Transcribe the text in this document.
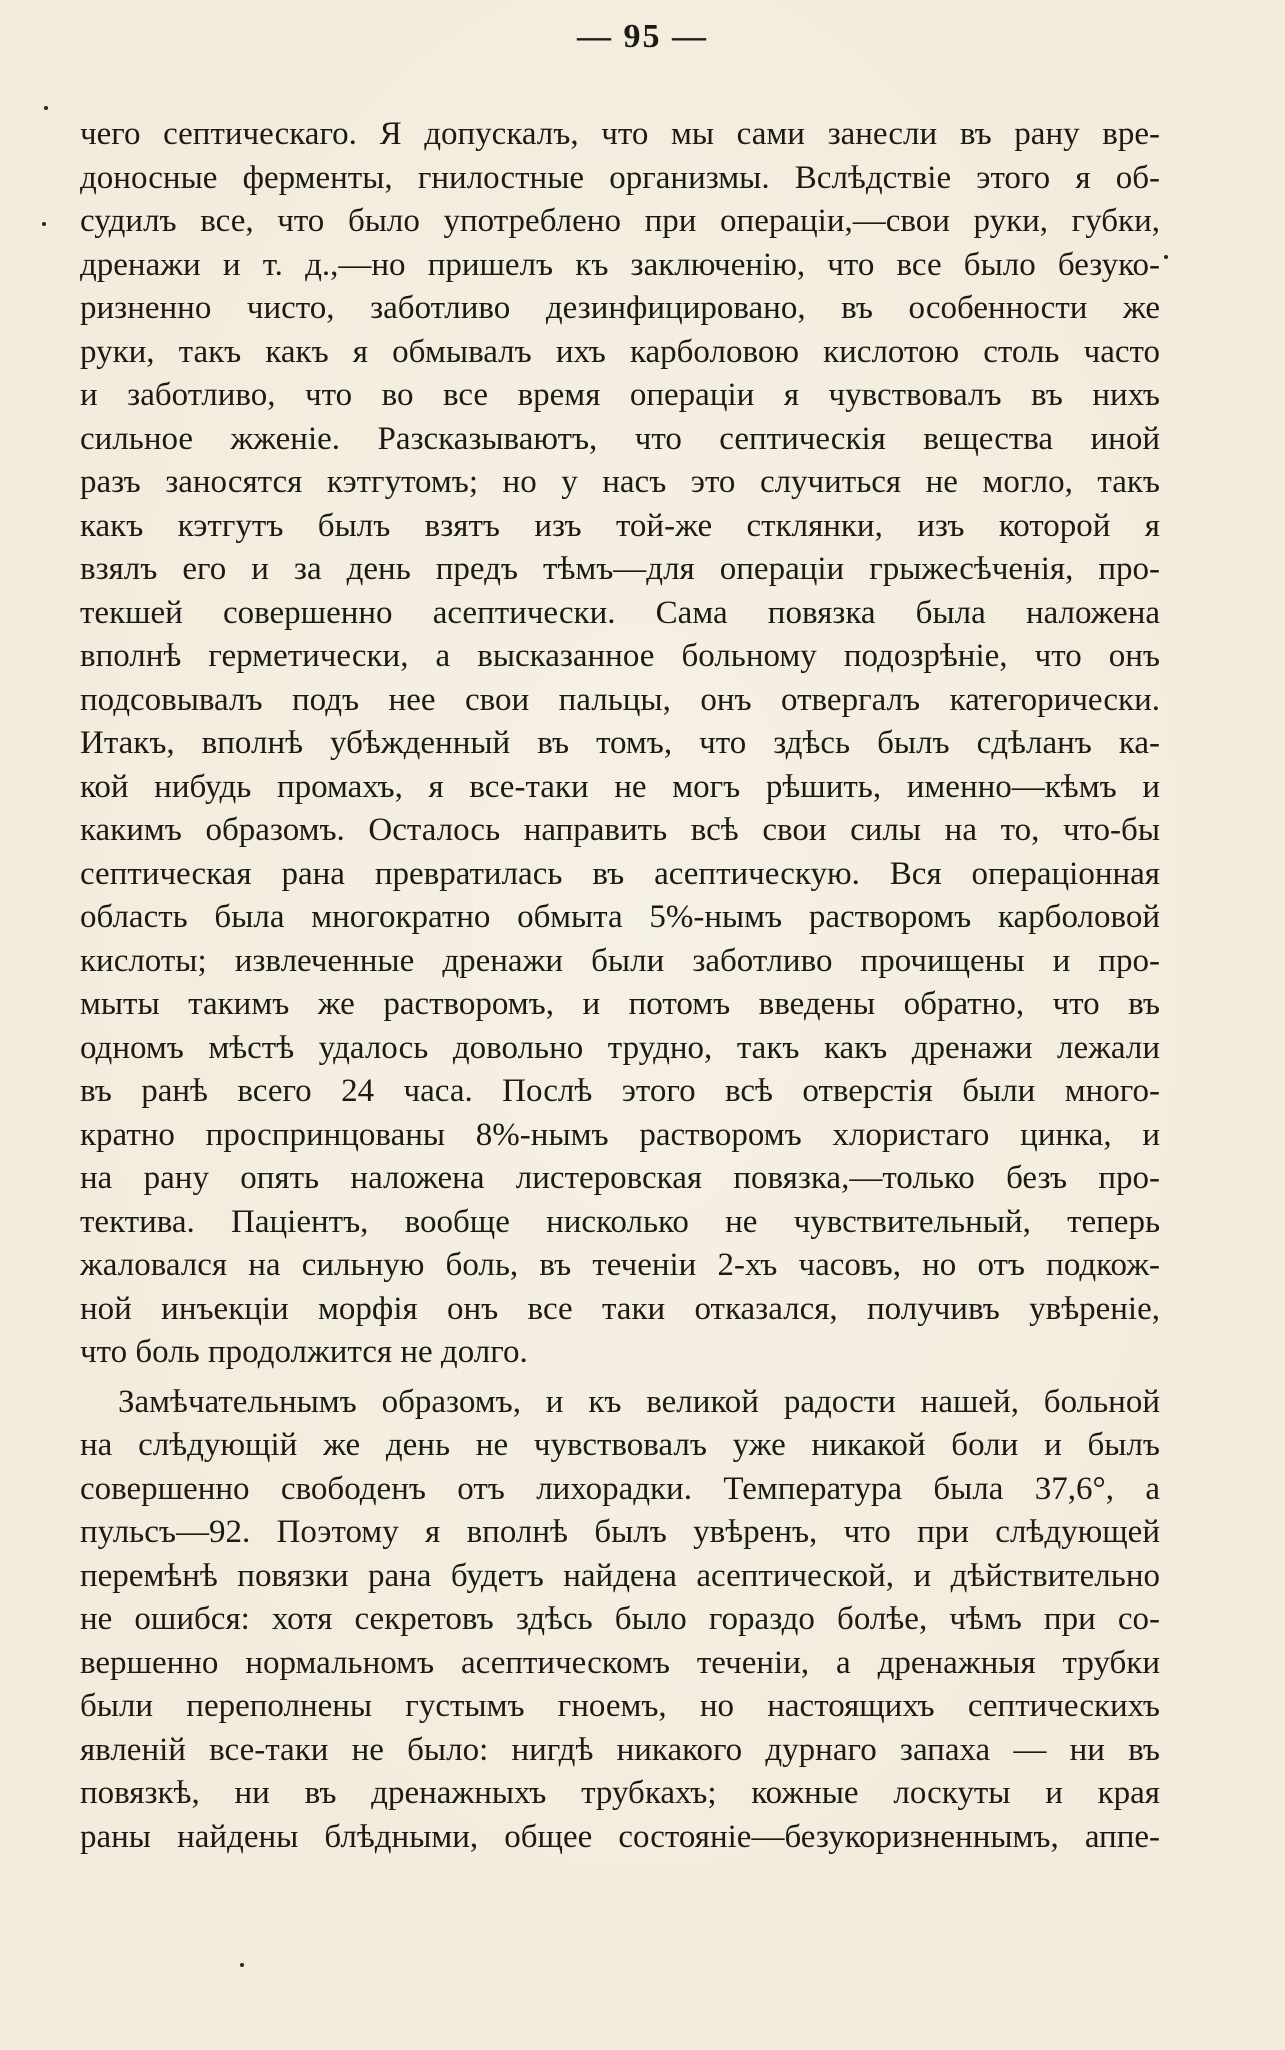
— 95 —
чего септическаго. Я допускалъ, что мы сами занесли въ рану вре-
доносные ферменты, гнилостные организмы. Вслѣдствіе этого я об-
судилъ все, что было употреблено при операціи,—свои руки, губки,
дренажи и т. д.,—но пришелъ къ заключенію, что все было безуко-
ризненно чисто, заботливо дезинфицировано, въ особенности же
руки, такъ какъ я обмывалъ ихъ карболовою кислотою столь часто
и заботливо, что во все время операціи я чувствовалъ въ нихъ
сильное жженіе. Разсказываютъ, что септическія вещества иной
разъ заносятся кэтгутомъ; но у насъ это случиться не могло, такъ
какъ кэтгутъ былъ взятъ изъ той-же стклянки, изъ которой я
взялъ его и за день предъ тѣмъ—для операціи грыжесѣченія, про-
текшей совершенно асептически. Сама повязка была наложена
вполнѣ герметически, а высказанное больному подозрѣніе, что онъ
подсовывалъ подъ нее свои пальцы, онъ отвергалъ категорически.
Итакъ, вполнѣ убѣжденный въ томъ, что здѣсь былъ сдѣланъ ка-
кой нибудь промахъ, я все-таки не могъ рѣшить, именно—кѣмъ и
какимъ образомъ. Осталось направить всѣ свои силы на то, что-бы
септическая рана превратилась въ асептическую. Вся операціонная
область была многократно обмыта 5%-нымъ растворомъ карболовой
кислоты; извлеченные дренажи были заботливо прочищены и про-
мыты такимъ же растворомъ, и потомъ введены обратно, что въ
одномъ мѣстѣ удалось довольно трудно, такъ какъ дренажи лежали
въ ранѣ всего 24 часа. Послѣ этого всѣ отверстія были много-
кратно проспринцованы 8%-нымъ растворомъ хлористаго цинка, и
на рану опять наложена листеровская повязка,—только безъ про-
тектива. Паціентъ, вообще нисколько не чувствительный, теперь
жаловался на сильную боль, въ теченіи 2-хъ часовъ, но отъ подкож-
ной инъекціи морфія онъ все таки отказался, получивъ увѣреніе,
что боль продолжится не долго.
Замѣчательнымъ образомъ, и къ великой радости нашей, больной
на слѣдующій же день не чувствовалъ уже никакой боли и былъ
совершенно свободенъ отъ лихорадки. Температура была 37,6°, а
пульсъ—92. Поэтому я вполнѣ былъ увѣренъ, что при слѣдующей
перемѣнѣ повязки рана будетъ найдена асептической, и дѣйствительно
не ошибся: хотя секретовъ здѣсь было гораздо болѣе, чѣмъ при со-
вершенно нормальномъ асептическомъ теченіи, а дренажныя трубки
были переполнены густымъ гноемъ, но настоящихъ септическихъ
явленій все-таки не было: нигдѣ никакого дурнаго запаха — ни въ
повязкѣ, ни въ дренажныхъ трубкахъ; кожные лоскуты и края
раны найдены блѣдными, общее состояніе—безукоризненнымъ, аппе-
